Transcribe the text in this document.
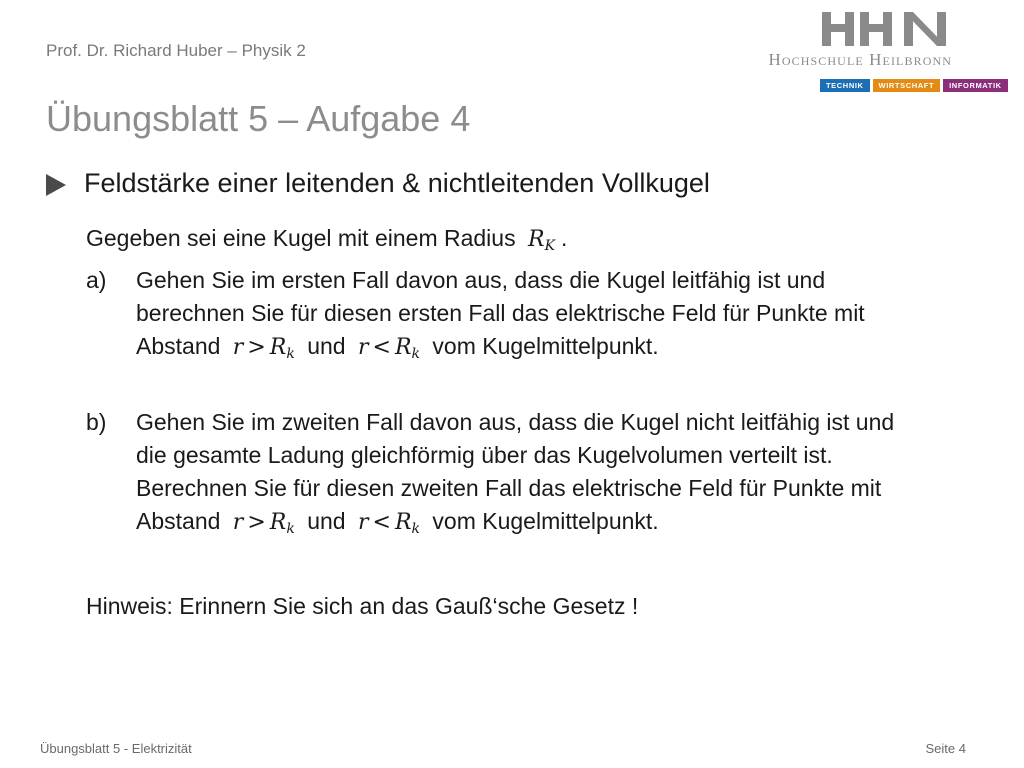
Prof. Dr. Richard Huber – Physik 2	Hochschule Heilbronn
TECHNIK	WIRTSCHAFT	INFORMATIK
Übungsblatt 5 – Aufgabe 4
Feldstärke einer leitenden & nichtleitenden Vollkugel
Gegeben sei eine Kugel mit einem Radius $R_K$ .
a)	Gehen Sie im ersten Fall davon aus, dass die Kugel leitfähig ist und berechnen Sie für diesen ersten Fall das elektrische Feld für Punkte mit Abstand $r > R_k$ und $r < R_k$ vom Kugelmittelpunkt.
b)	Gehen Sie im zweiten Fall davon aus, dass die Kugel nicht leitfähig ist und die gesamte Ladung gleichförmig über das Kugelvolumen verteilt ist. Berechnen Sie für diesen zweiten Fall das elektrische Feld für Punkte mit Abstand $r > R_k$ und $r < R_k$ vom Kugelmittelpunkt.
Hinweis: Erinnern Sie sich an das Gauß‘sche Gesetz !
Übungsblatt 5 - Elektrizität	Seite 4
